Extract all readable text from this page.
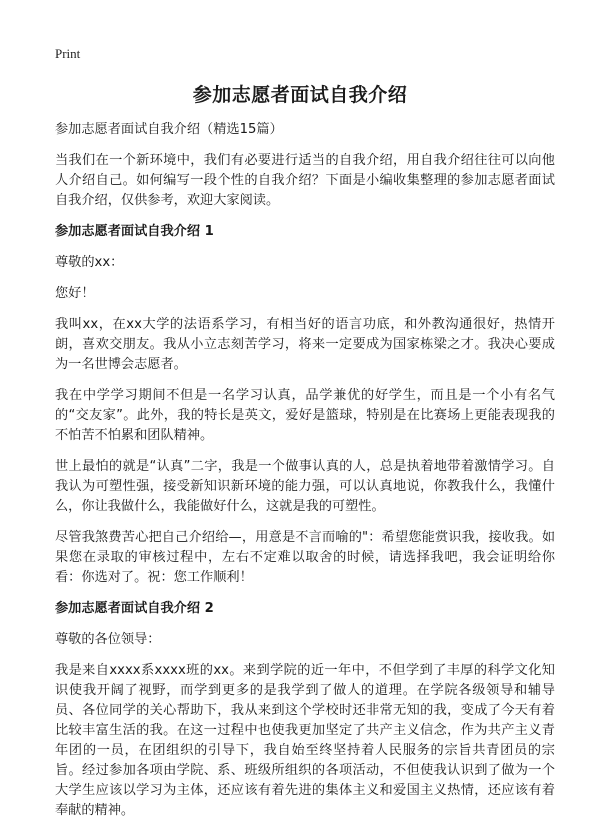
Print
参加志愿者面试自我介绍

参加志愿者面试自我介绍（精选15篇）

当我们在一个新环境中，我们有必要进行适当的自我介绍，用自我介绍往往可以向他人介绍自己。如何编写一段个性的自我介绍？下面是小编收集整理的参加志愿者面试自我介绍，仅供参考，欢迎大家阅读。

参加志愿者面试自我介绍 1

尊敬的xx：

您好！

我叫xx，在xx大学的法语系学习，有相当好的语言功底，和外教沟通很好，热情开朗，喜欢交朋友。我从小立志刻苦学习，将来一定要成为国家栋梁之才。我决心要成为一名世博会志愿者。

我在中学学习期间不但是一名学习认真，品学兼优的好学生，而且是一个小有名气的“交友家”。此外，我的特长是英文，爱好是篮球，特别是在比赛场上更能表现我的不怕苦不怕累和团队精神。

世上最怕的就是“认真”二字，我是一个做事认真的人，总是执着地带着激情学习。自我认为可塑性强，接受新知识新环境的能力强，可以认真地说，你教我什么，我懂什么，你让我做什么，我能做好什么，这就是我的可塑性。

尽管我煞费苦心把自己介绍给—，用意是不言而喻的"：希望您能赏识我，接收我。如果您在录取的审核过程中，左右不定难以取舍的时候，请选择我吧，我会证明给你看：你选对了。祝：您工作顺利！

参加志愿者面试自我介绍 2

尊敬的各位领导：

我是来自xxxx系xxxx班的xx。来到学院的近一年中，不但学到了丰厚的科学文化知识使我开阔了视野，而学到更多的是我学到了做人的道理。在学院各级领导和辅导员、各位同学的关心帮助下，我从来到这个学校时还非常无知的我，变成了今天有着比较丰富生活的我。在这一过程中也使我更加坚定了共产主义信念，作为共产主义青年团的一员，在团组织的引导下，我自始至终坚持着人民服务的宗旨共青团员的宗旨。经过参加各项由学院、系、班级所组织的各项活动，不但使我认识到了做为一个大学生应该以学习为主体，还应该有着先进的集体主义和爱国主义热情，还应该有着奉献的精神。
